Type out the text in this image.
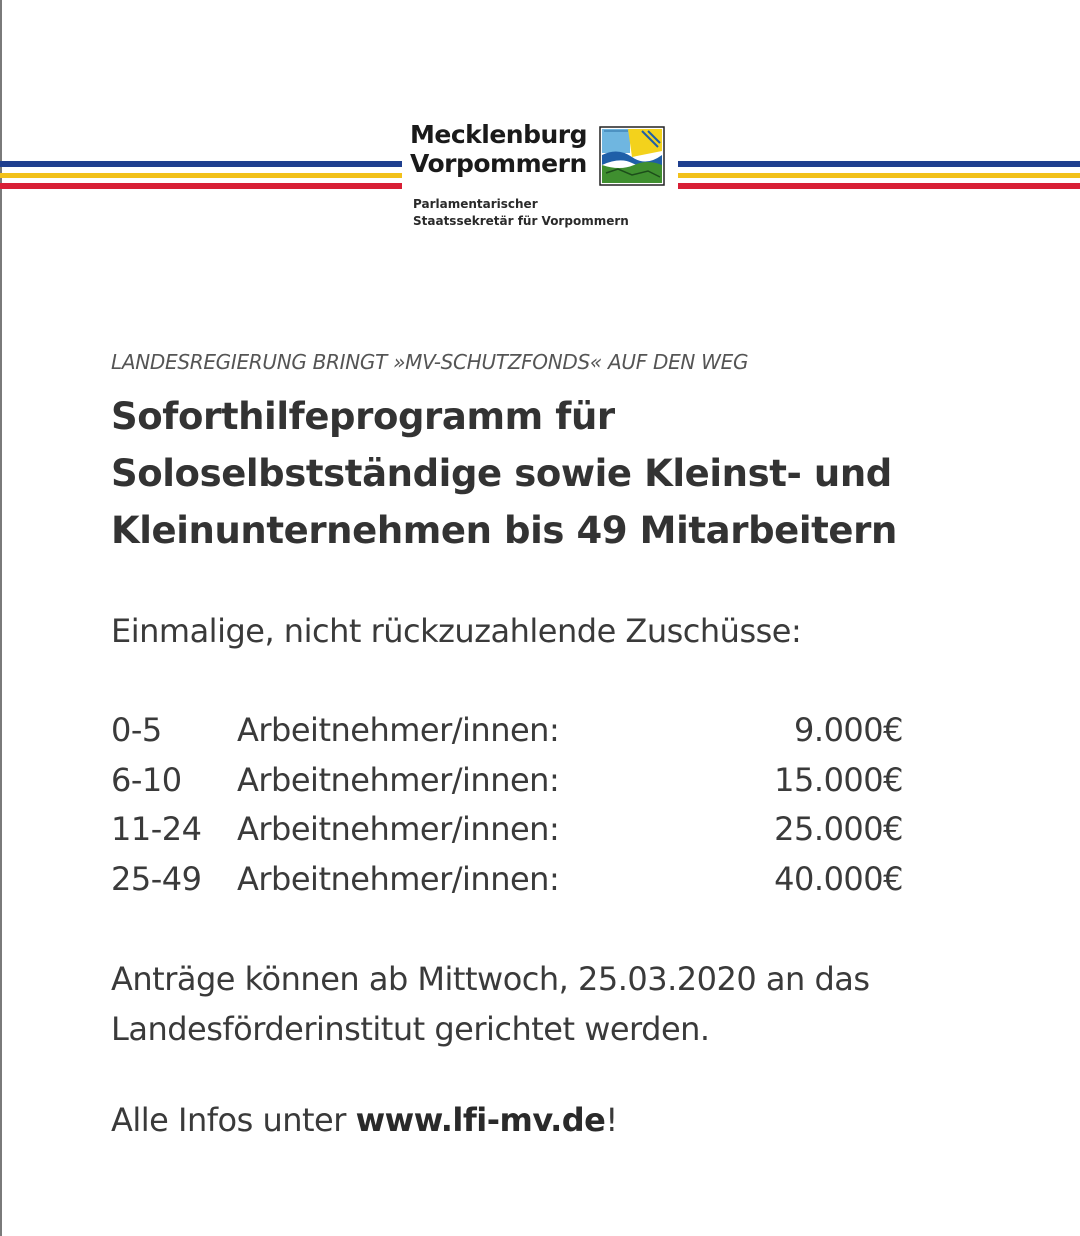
Mecklenburg
Vorpommern
Parlamentarischer
Staatssekretär für Vorpommern
LANDESREGIERUNG BRINGT »MV-SCHUTZFONDS« AUF DEN WEG
Soforthilfeprogramm für Soloselbstständige sowie Kleinst- und Kleinunternehmen bis 49 Mitarbeitern
Einmalige, nicht rückzuzahlende Zuschüsse:
0-5 Arbeitnehmer/innen:	9.000€
6-10 Arbeitnehmer/innen:	15.000€
11-24 Arbeitnehmer/innen:	25.000€
25-49 Arbeitnehmer/innen:	40.000€
Anträge können ab Mittwoch, 25.03.2020 an das Landesförderinstitut gerichtet werden.
Alle Infos unter www.lfi-mv.de!
